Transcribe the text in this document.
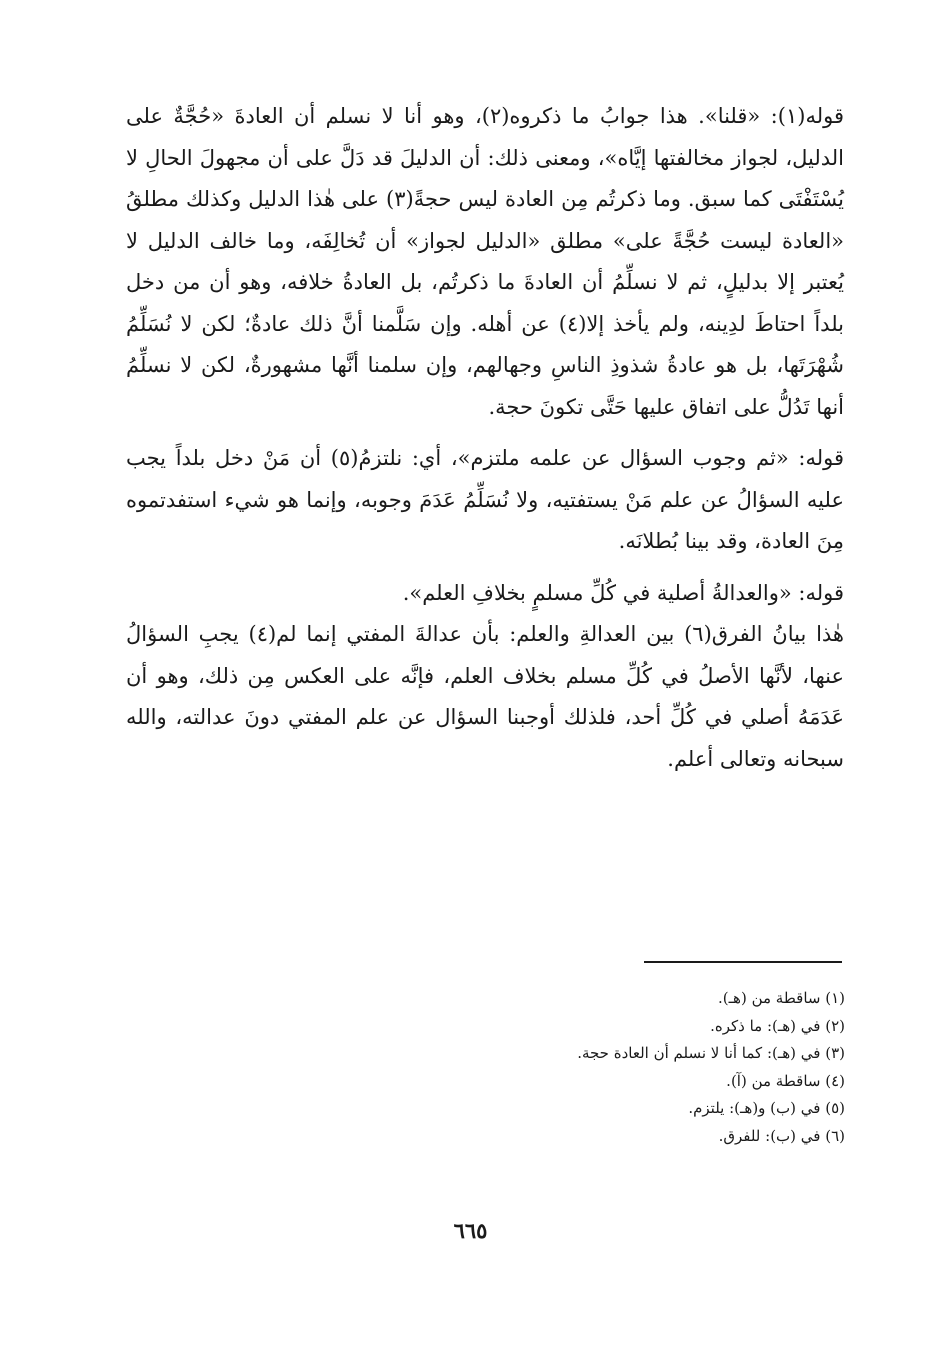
قوله(١): «قلنا». هذا جوابُ ما ذكروه(٢)، وهو أنا لا نسلم أن العادةَ «حُجَّةٌ على الدليل، لجواز مخالفتها إيَّاه»، ومعنى ذلك: أن الدليلَ قد دَلَّ على أن مجهولَ الحالِ لا يُسْتَفْتَى كما سبق. وما ذكرتُم مِن العادة ليس حجةً(٣) على هٰذا الدليل وكذلك مطلقُ «العادة ليست حُجَّةً على» مطلق «الدليل لجواز» أن تُخالِفَه، وما خالف الدليل لا يُعتبر إلا بدليلٍ، ثم لا نسلِّمُ أن العادةَ ما ذكرتُم، بل العادةُ خلافه، وهو أن من دخل بلداً احتاطَ لدِينه، ولم يأخذ إلا(٤) عن أهله. وإن سَلَّمنا أنَّ ذلك عادةٌ؛ لكن لا نُسَلِّمُ شُهْرَتَها، بل هو عادةُ شذوذِ الناسِ وجهالهم، وإن سلمنا أنَّها مشهورةٌ، لكن لا نسلِّمُ أنها تَدُلُّ على اتفاق عليها حَتَّى تكونَ حجة.

قوله: «ثم وجوب السؤال عن علمه ملتزم»، أي: نلتزمُ(٥) أن مَنْ دخل بلداً يجب عليه السؤالُ عن علم مَنْ يستفتيه، ولا نُسَلِّمُ عَدَمَ وجوبه، وإنما هو شيء استفدتموه مِنَ العادة، وقد بينا بُطلانَه.

قوله: «والعدالةُ أصلية في كُلِّ مسلمٍ بخلافِ العلم».

هٰذا بيانُ الفرق(٦) بين العدالةِ والعلم: بأن عدالةَ المفتي إنما لم(٤) يجبِ السؤالُ عنها، لأنَّها الأصلُ في كُلِّ مسلم بخلاف العلم، فإنَّه على العكس مِن ذلك، وهو أن عَدَمَهُ أصلي في كُلِّ أحد، فلذلك أوجبنا السؤال عن علم المفتي دونَ عدالته، والله سبحانه وتعالى أعلم.

(١) ساقطة من (هـ).
(٢) في (هـ): ما ذكره.
(٣) في (هـ): كما أنا لا نسلم أن العادة حجة.
(٤) ساقطة من (آ).
(٥) في (ب) و(هـ): يلتزم.
(٦) في (ب): للفرق.
٦٦٥
